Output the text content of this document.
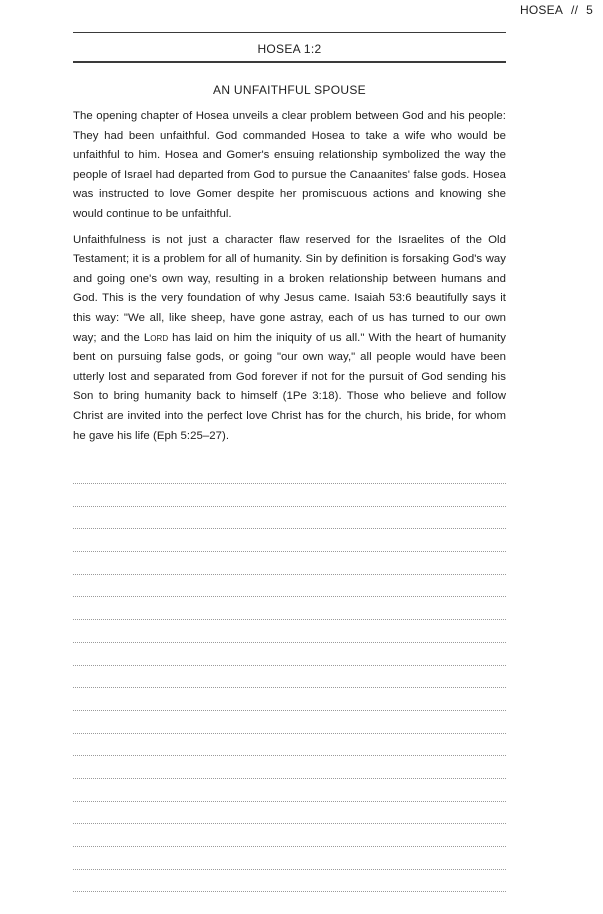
HOSEA // 5
HOSEA 1:2
AN UNFAITHFUL SPOUSE

The opening chapter of Hosea unveils a clear problem between God and his people: They had been unfaithful. God commanded Hosea to take a wife who would be unfaithful to him. Hosea and Gomer's ensuing relationship symbolized the way the people of Israel had departed from God to pursue the Canaanites' false gods. Hosea was instructed to love Gomer despite her promiscuous actions and knowing she would continue to be unfaithful.

Unfaithfulness is not just a character flaw reserved for the Israelites of the Old Testament; it is a problem for all of humanity. Sin by definition is forsaking God's way and going one's own way, resulting in a broken relationship between humans and God. This is the very foundation of why Jesus came. Isaiah 53:6 beautifully says it this way: "We all, like sheep, have gone astray, each of us has turned to our own way; and the Lord has laid on him the iniquity of us all." With the heart of humanity bent on pursuing false gods, or going "our own way," all people would have been utterly lost and separated from God forever if not for the pursuit of God sending his Son to bring humanity back to himself (1Pe 3:18). Those who believe and follow Christ are invited into the perfect love Christ has for the church, his bride, for whom he gave his life (Eph 5:25–27).
